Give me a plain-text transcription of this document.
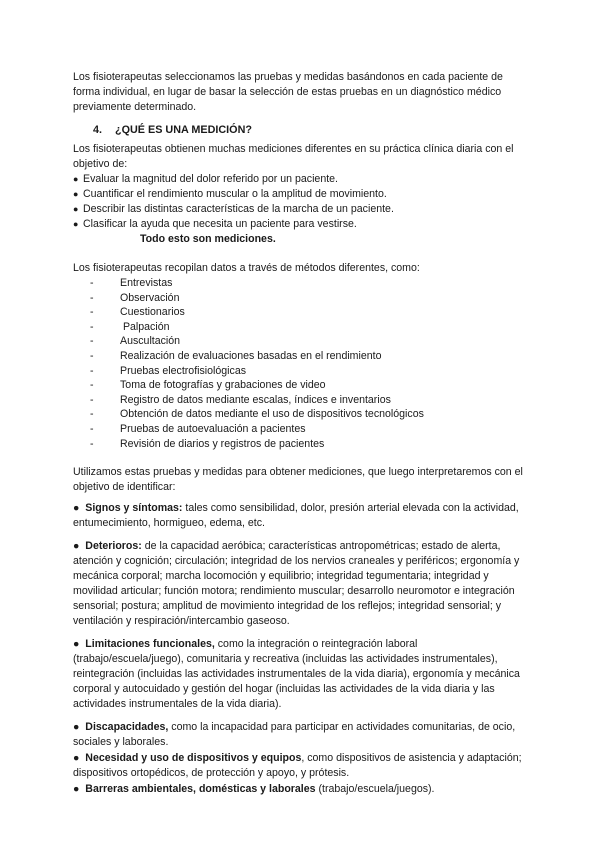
Los fisioterapeutas seleccionamos las pruebas y medidas basándonos en cada paciente de forma individual, en lugar de basar la selección de estas pruebas en un diagnóstico médico previamente determinado.

4. ¿QUÉ ES UNA MEDICIÓN?

Los fisioterapeutas obtienen muchas mediciones diferentes en su práctica clínica diaria con el objetivo de:

● Evaluar la magnitud del dolor referido por un paciente.
● Cuantificar el rendimiento muscular o la amplitud de movimiento.
● Describir las distintas características de la marcha de un paciente.
● Clasificar la ayuda que necesita un paciente para vestirse.

Todo esto son mediciones.

Los fisioterapeutas recopilan datos a través de métodos diferentes, como:

-	Entrevistas
-	Observación
-	Cuestionarios
-	Palpación
-	Auscultación
-	Realización de evaluaciones basadas en el rendimiento
-	Pruebas electrofisiológicas
-	Toma de fotografías y grabaciones de video
-	Registro de datos mediante escalas, índices e inventarios
-	Obtención de datos mediante el uso de dispositivos tecnológicos
-	Pruebas de autoevaluación a pacientes
-	Revisión de diarios y registros de pacientes

Utilizamos estas pruebas y medidas para obtener mediciones, que luego interpretaremos con el objetivo de identificar:

● Signos y síntomas: tales como sensibilidad, dolor, presión arterial elevada con la actividad, entumecimiento, hormigueo, edema, etc.

● Deterioros: de la capacidad aeróbica; características antropométricas; estado de alerta, atención y cognición; circulación; integridad de los nervios craneales y periféricos; ergonomía y mecánica corporal; marcha locomoción y equilibrio; integridad tegumentaria; integridad y movilidad articular; función motora; rendimiento muscular; desarrollo neuromotor e integración sensorial; postura; amplitud de movimiento integridad de los reflejos; integridad sensorial; y ventilación y respiración/intercambio gaseoso.

● Limitaciones funcionales, como la integración o reintegración laboral (trabajo/escuela/juego), comunitaria y recreativa (incluidas las actividades instrumentales), reintegración (incluidas las actividades instrumentales de la vida diaria), ergonomía y mecánica corporal y autocuidado y gestión del hogar (incluidas las actividades de la vida diaria y las actividades instrumentales de la vida diaria).

● Discapacidades, como la incapacidad para participar en actividades comunitarias, de ocio, sociales y laborales.

● Necesidad y uso de dispositivos y equipos, como dispositivos de asistencia y adaptación; dispositivos ortopédicos, de protección y apoyo, y prótesis.

● Barreras ambientales, domésticas y laborales (trabajo/escuela/juegos).
